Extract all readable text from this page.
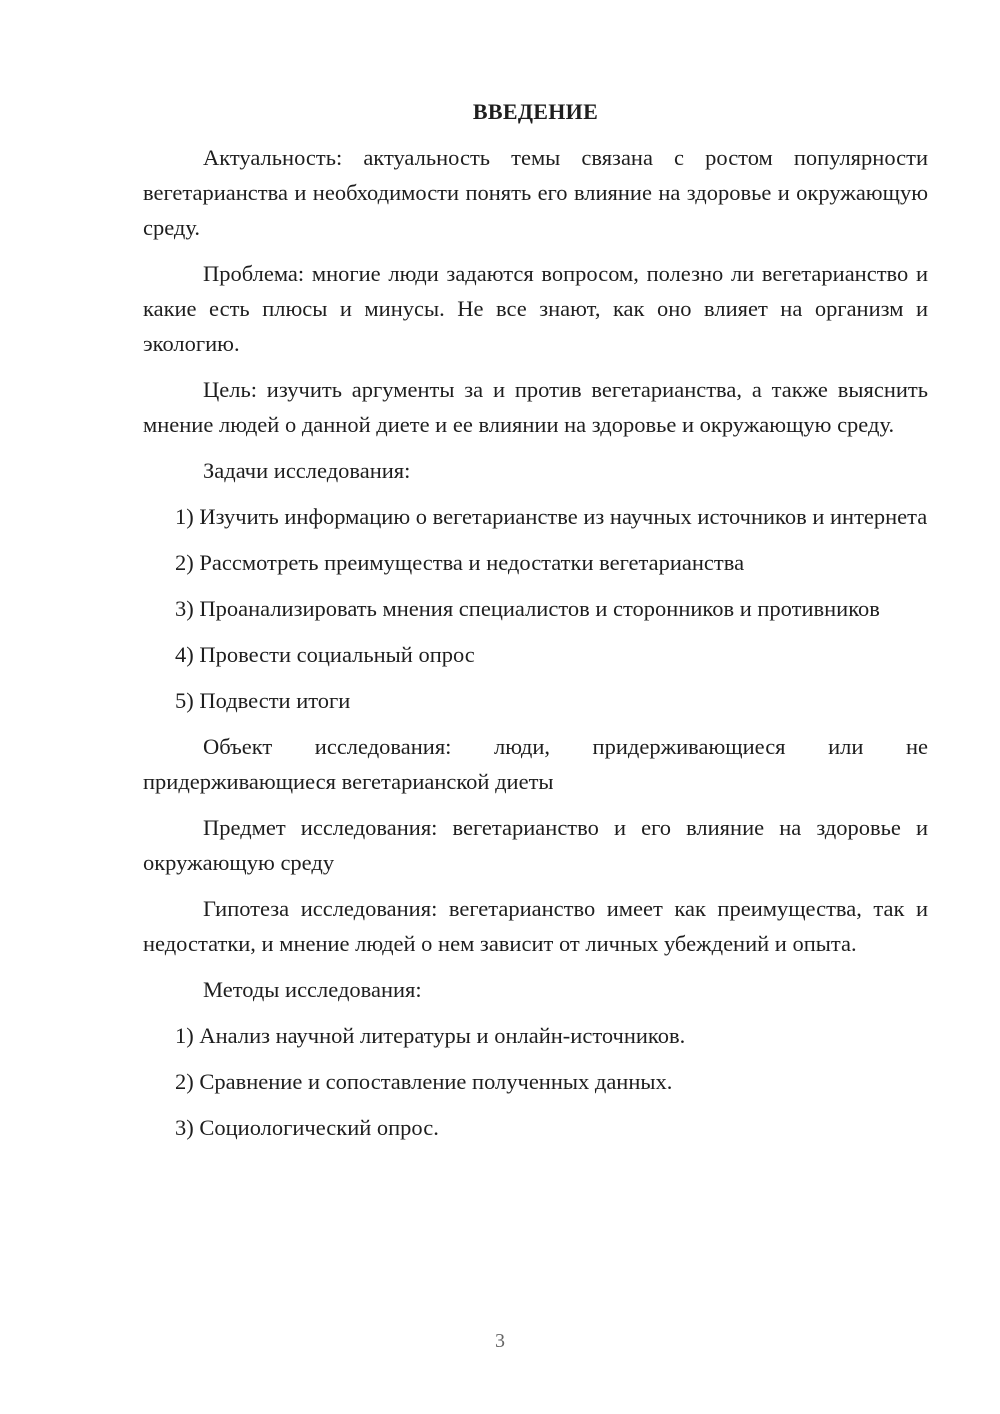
ВВЕДЕНИЕ

Актуальность: актуальность темы связана с ростом популярности вегетарианства и необходимости понять его влияние на здоровье и окружающую среду.

Проблема: многие люди задаются вопросом, полезно ли вегетарианство и какие есть плюсы и минусы. Не все знают, как оно влияет на организм и экологию.

Цель: изучить аргументы за и против вегетарианства, а также выяснить мнение людей о данной диете и ее влиянии на здоровье и окружающую среду.

Задачи исследования:

1) Изучить информацию о вегетарианстве из научных источников и интернета

2) Рассмотреть преимущества и недостатки вегетарианства

3) Проанализировать мнения специалистов и сторонников и противников

4) Провести социальный опрос

5) Подвести итоги

Объект исследования: люди, придерживающиеся или не придерживающиеся вегетарианской диеты

Предмет исследования: вегетарианство и его влияние на здоровье и окружающую среду

Гипотеза исследования: вегетарианство имеет как преимущества, так и недостатки, и мнение людей о нем зависит от личных убеждений и опыта.

Методы исследования:

1) Анализ научной литературы и онлайн-источников.

2) Сравнение и сопоставление полученных данных.

3) Социологический опрос.

3
